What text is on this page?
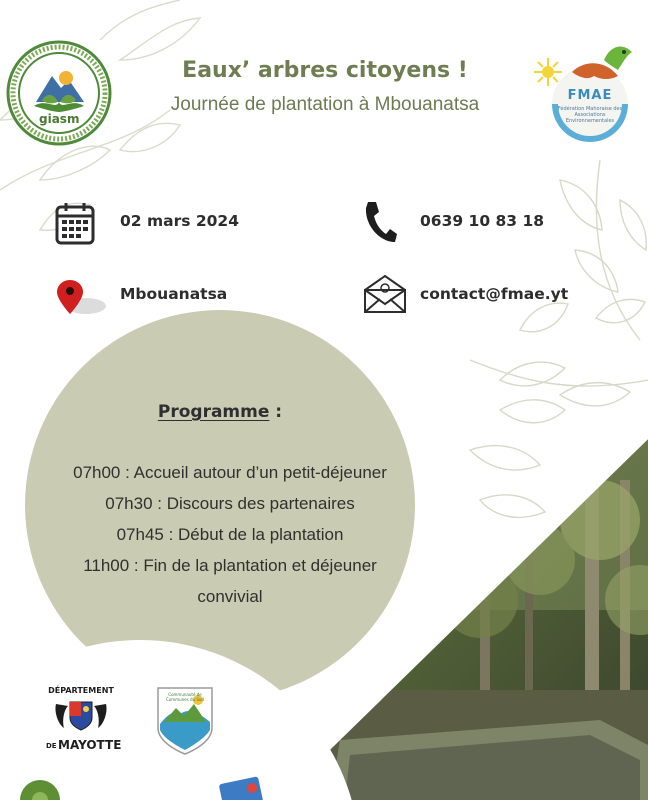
giasm
FMAE
Fédération Mahoraise des Associations Environnementales
Eaux’ arbres citoyens !
Journée de plantation à Mbouanatsa
02 mars 2024	0639 10 83 18
Mbouanatsa	contact@fmae.yt
Programme :
07h00 : Accueil autour d’un petit-déjeuner
07h30 : Discours des partenaires
07h45 : Début de la plantation
11h00 : Fin de la plantation et déjeuner
convivial
DÉPARTEMENT
DE MAYOTTE
Communauté de Communes du Sud
